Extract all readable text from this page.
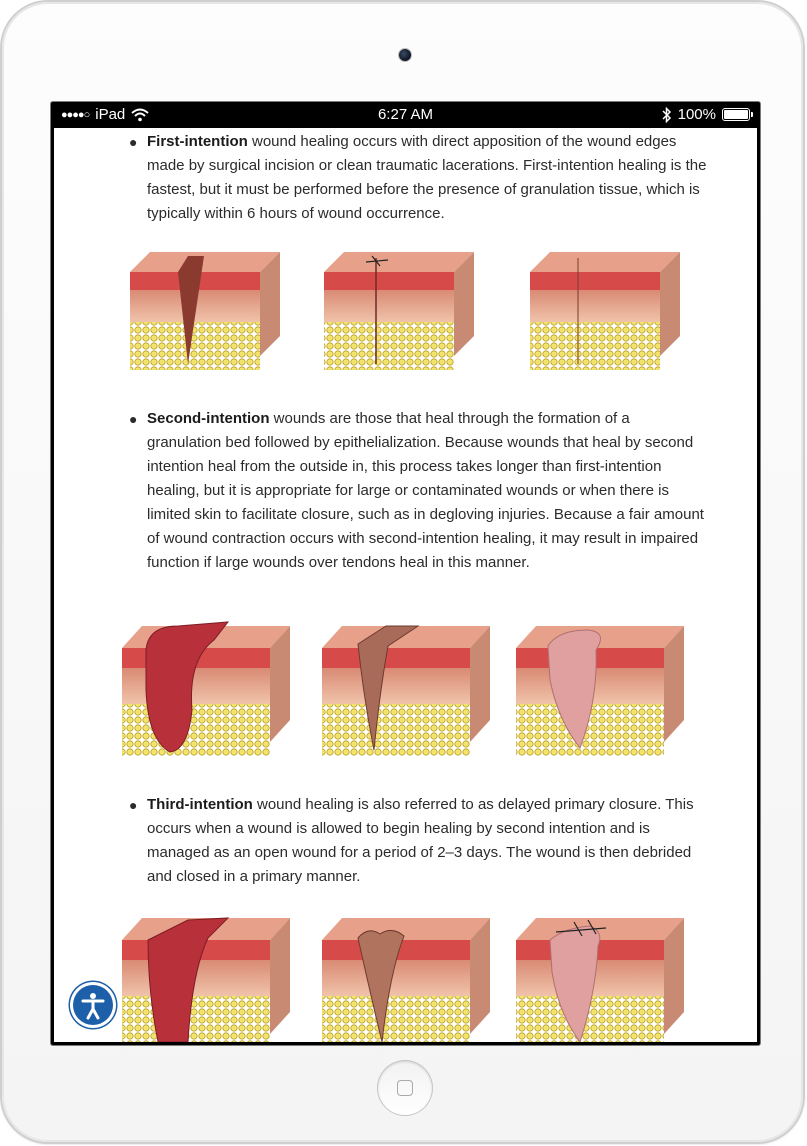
●●●●○ iPad	6:27 AM	100%
● First-intention wound healing occurs with direct apposition of the wound edges made by surgical incision or clean traumatic lacerations. First-intention healing is the fastest, but it must be performed before the presence of granulation tissue, which is typically within 6 hours of wound occurrence.
● Second-intention wounds are those that heal through the formation of a granulation bed followed by epithelialization. Because wounds that heal by second intention heal from the outside in, this process takes longer than first-intention healing, but it is appropriate for large or contaminated wounds or when there is limited skin to facilitate closure, such as in degloving injuries. Because a fair amount of wound contraction occurs with second-intention healing, it may result in impaired function if large wounds over tendons heal in this manner.
● Third-intention wound healing is also referred to as delayed primary closure. This occurs when a wound is allowed to begin healing by second intention and is managed as an open wound for a period of 2–3 days. The wound is then debrided and closed in a primary manner.
